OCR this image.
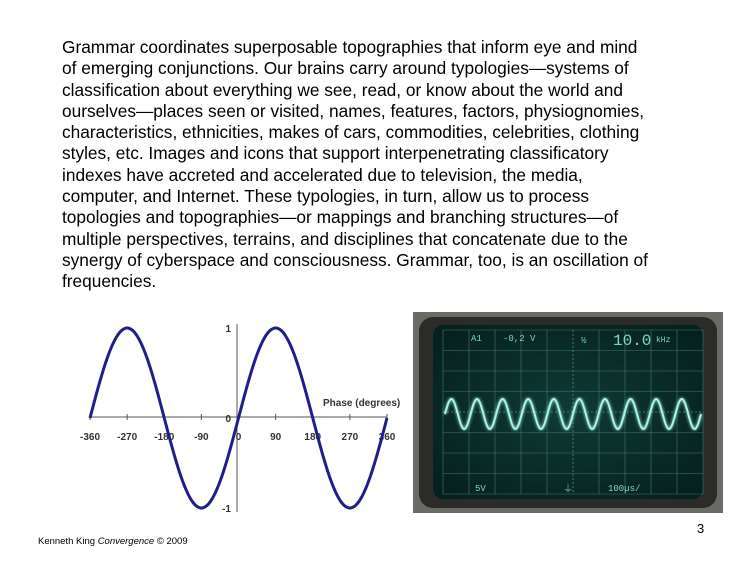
Grammar coordinates superposable topographies that inform eye and mind
of emerging conjunctions. Our brains carry around typologies—systems of
classification about everything we see, read, or know about the world and
ourselves—places seen or visited, names, features, factors, physiognomies,
characteristics, ethnicities, makes of cars, commodities, celebrities, clothing
styles, etc. Images and icons that support interpenetrating classificatory
indexes have accreted and accelerated due to television, the media,
computer, and Internet. These typologies, in turn, allow us to process
topologies and topographies—or mappings and branching structures—of
multiple perspectives, terrains, and disciplines that concatenate due to the
synergy of cyberspace and consciousness. Grammar, too, is an oscillation of
frequencies.
-360 -270 -180 -90	0	90 180 270 360
1
0
-1
Phase (degrees)
A1 -0,2 V	½ 10.0 kHz
5V	100µs/
⏚
3
Kenneth King Convergence © 2009
